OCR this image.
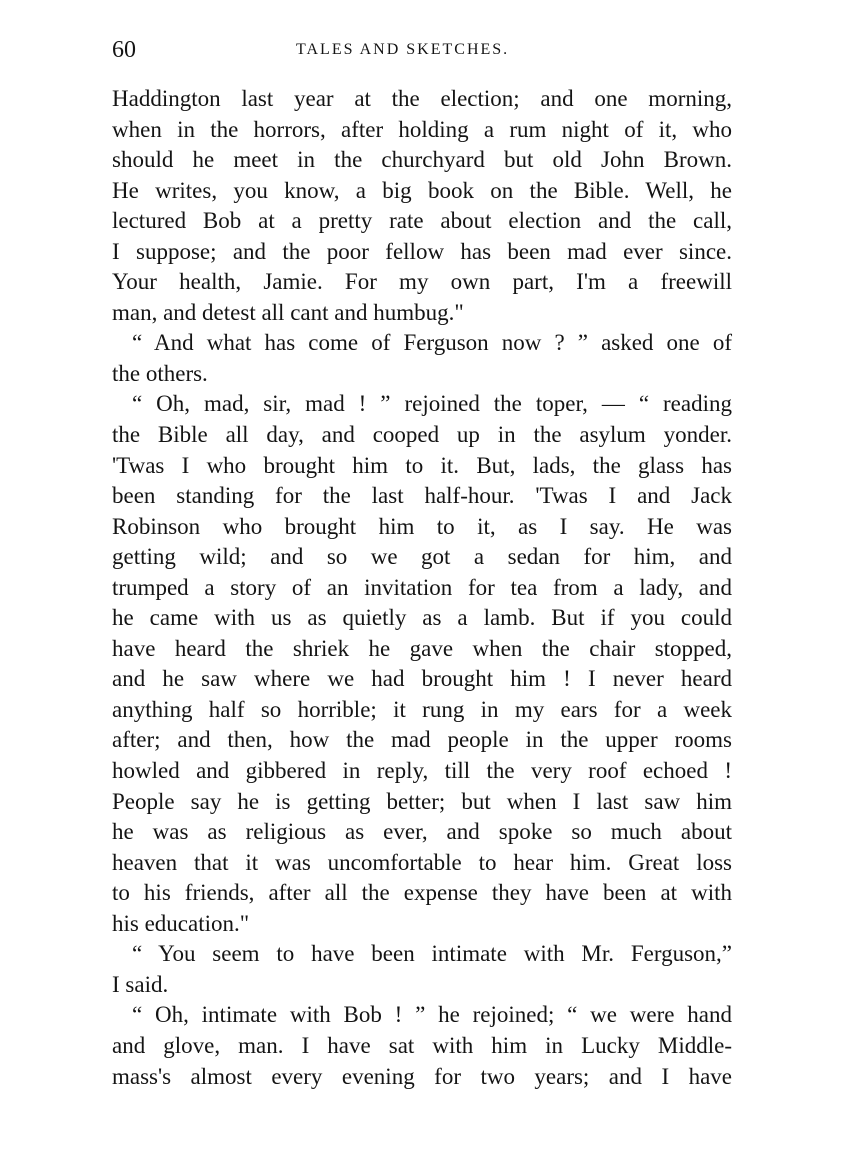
60	TALES AND SKETCHES.
Haddington last year at the election; and one morning,
when in the horrors, after holding a rum night of it, who
should he meet in the churchyard but old John Brown.
He writes, you know, a big book on the Bible. Well, he
lectured Bob at a pretty rate about election and the call,
I suppose; and the poor fellow has been mad ever since.
Your health, Jamie. For my own part, I'm a freewill
man, and detest all cant and humbug."
“ And what has come of Ferguson now ? ” asked one of
the others.
“ Oh, mad, sir, mad ! ” rejoined the toper, — “ reading
the Bible all day, and cooped up in the asylum yonder.
'Twas I who brought him to it. But, lads, the glass has
been standing for the last half-hour. 'Twas I and Jack
Robinson who brought him to it, as I say. He was
getting wild; and so we got a sedan for him, and
trumped a story of an invitation for tea from a lady, and
he came with us as quietly as a lamb. But if you could
have heard the shriek he gave when the chair stopped,
and he saw where we had brought him ! I never heard
anything half so horrible; it rung in my ears for a week
after; and then, how the mad people in the upper rooms
howled and gibbered in reply, till the very roof echoed !
People say he is getting better; but when I last saw him
he was as religious as ever, and spoke so much about
heaven that it was uncomfortable to hear him. Great loss
to his friends, after all the expense they have been at with
his education."
“ You seem to have been intimate with Mr. Ferguson,”
I said.
“ Oh, intimate with Bob ! ” he rejoined; “ we were hand
and glove, man. I have sat with him in Lucky Middle-
mass's almost every evening for two years; and I have
